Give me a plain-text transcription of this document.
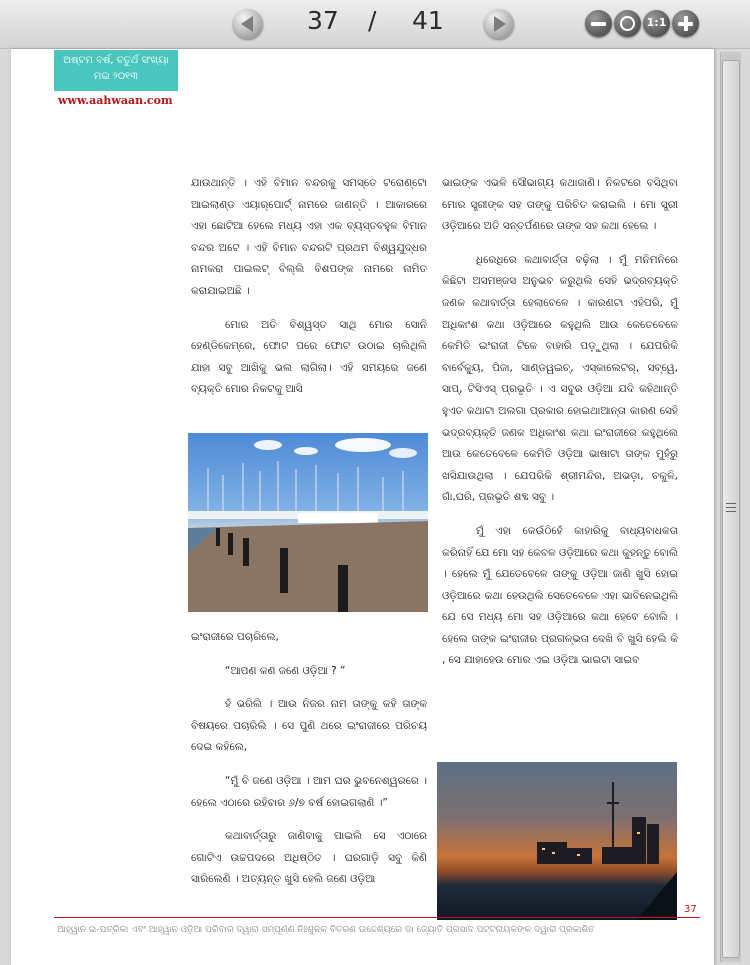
37 / 41	1:1
ଅଷ୍ଟମ ବର୍ଷ, ଚତୁର୍ଥ ସଂଖ୍ୟା
ମଇ ୨୦୧୩
www.aahwaan.com

ଯାଉଥାନ୍ତି । ଏହି ବିମାନ ବନ୍ଦରକୁ ସମସ୍ତେ ଟରୋଣ୍ଟୋ ଆଇଲାଣ୍ଡ ଏୟାର୍‌ପୋର୍ଟ୍ ନାମରେ ଜାଣନ୍ତି । ଆକାରରେ ଏହା ଛୋଟିଆ ହେଲେ ମଧ୍ୟ ଏହା ଏକ ବ୍ୟସ୍ତବହୁଳ ବିମାନ ବନ୍ଦର ଅଟେ । ଏହି ବିମାନ ବନ୍ଦରଟି ପ୍ରଥମ ବିଶ୍ୱଯୁଦ୍ଧର ନାମକରା ପାଇଲଟ୍ ବିଲ୍ଲି ବିଶପଙ୍କ ନାମରେ ନାମିତ କରାଯାଇଅଛି ।

ମୋର ଅତି ବିଶ୍ୱସ୍ତ ସାଥି ମୋର ସୋନି ହେଣ୍ଡିକେମ୍‌ରେ, ଫୋଟ ପରେ ଫୋଟ ଉଠାଇ ଚାଲିଥିଲି ଯାହା ସବୁ ଆଖିକୁ ଭଲ ଲାଗିଲା। ଏହି ସମୟରେ ଜଣେ ବ୍ୟକ୍ତି ମୋର ନିକଟକୁ ଆସି

ଇଂରାଜୀରେ ପଚାରିଲେ,

“ଆପଣ କଣ ଜଣେ ଓଡ଼ିଆ ? ”

ହଁ ଭରିଲି । ଆଉ ନିଜର ନାମ ତାଙ୍କୁ କହି ତାଙ୍କ ବିଷୟରେ ପଚାରିଲି । ସେ ପୁଣି ଥରେ ଇଂରାଜୀରେ ପରିଚୟ ଦେଇ କହିଲେ,

“ମୁଁ ବି ଜଣେ ଓଡ଼ିଆ । ଆମ ଘର ଭୁବନେଶ୍ୱରରେ । ହେଲେ ଏଠାରେ ରହିବାର ୬/୭ ବର୍ଷ ହୋଇଗଲାଣି ।”

କଥାବାର୍ତ୍ତାରୁ ଜାଣିବାକୁ ପାଇଲି ସେ ଏଠାରେ ଗୋଟିଏ ଉଚ୍ଚପଦରେ ଅଧିଷ୍ଠିତ । ଘରଗାଡ଼ି ସବୁ କିଣି ସାରିଲେଣି । ଅତ୍ୟନ୍ତ ଖୁସି ହେଲି ଜଣେ ଓଡ଼ିଆ

ଭାଇଙ୍କ ଏଭଳି ସୌଭାଗ୍ୟ କଥାଜାଣି। ନିକଟରେ ବସିଥିବା ମୋର ସ୍ତ୍ରୀଙ୍କ ସହ ତାଙ୍କୁ ପରିଚିତ କରାଇଲି । ମୋ ସ୍ତ୍ରୀ ଓଡ଼ିଆରେ ଅତି ସନ୍ତର୍ପଣରେ ତାଙ୍କ ସହ କଥା ହେଲେ ।

ଧିରେଧିରେ କଥାବାର୍ତ୍ତା ବଢ଼ିଲା । ମୁଁ ମନିମନିରେ କିଛିଟା ଅସମଞ୍ଜସ ଅନୁଭବ କରୁଥିଲି ସେହି ଭଦ୍ରବ୍ୟକ୍ତି ଜଣକ କଥାବାର୍ତ୍ତା ହେଲାବେଳେ । କାରଣଟା ଏହିପରି, ମୁଁ ଅଧିକାଂଶ କଥା ଓଡ଼ିଆରେ କହୁଥିଲି ଆଉ କେତେବେଳେ କେମିତି ଇଂରାଜୀ ଟିକେ ବାହାରି ପଡ଼ୁଥିଲା । ଯେପରିକି ବାର୍ବେକ୍ୟୁ, ପିଜା, ସାଣ୍ଡୱଇଚ୍, ଏସ୍କାଲେଟର୍, ସବ୍‌ୱେ, ସାପ୍, ଟିସିଏସ୍ ପ୍ରଭୃତି । ଏ ସବୁର ଓଡ଼ିଆ ଯଦି କହିଥାନ୍ତି ହୁଏତ କଥାଟା ଅଲଗା ପ୍ରକାର ହୋଇଥାଆନ୍ତା କାରଣ ସେହି ଭଦ୍ରବ୍ୟକ୍ତି ଜଣକ ଅଧିକାଂଶ କଥା ଇଂରାଜୀରେ କହୁଥିଲେ ଆଉ କେତେବେଳେ କେମିତି ଓଡ଼ିଆ ଭାଷାଟା ତାଙ୍କ ମୁହଁରୁ ଖସିଯାଉଥିଲା । ଯେପରିକି ଶ୍ରୀମନ୍ଦିର, ଅଭଡ଼ା, ଚକୁଳି, ଗାଁ,ଘରି, ପ୍ରଭୃତି ଶବ୍ଦ ସବୁ ।

ମୁଁ ଏହା କେଉଁଠିହେଁ କାହାରିକୁ ବାଧ୍ୟବାଧକତା କରିନାହିଁ ଯେ ମୋ ସହ କେବଳ ଓଡ଼ିଆରେ କଥା କୁହନ୍ତୁ ବୋଲି । ହେଲେ ମୁଁ ଯେତେବେଳେ ତାଙ୍କୁ ଓଡ଼ିଆ ଜାଣି ଖୁସି ହୋଇ ଓଡ଼ିଆରେ କଥା ହେଉଥିଲି ସେତେବେଳେ ଏହା ଭାବିନେଇଥିଲି ଯେ ସେ ମଧ୍ୟ ମୋ ସହ ଓଡ଼ିଆରେ କଥା ହେବେ ବୋଲି । ହେଲେ ତାଙ୍କ ଇଂରାଜୀର ପ୍ରଗଳ୍ଭତା ଦେଖି ବି ଖୁସି ହେଲି କି , ସେ ଯାହାହେଉ ମୋର ଏଇ ଓଡ଼ିଆ ଭାଇଟା ସାଇବ

37
ଆହ୍ୱାନ ଇ-ପତ୍ରିକା ଏବଂ ଆହ୍ୱାନ ଓଡ଼ିଆ ପରିବାର ଦ୍ୱାରା ସମ୍ପୂର୍ଣ୍ଣ ନିଃଶୁଳ୍କ ବିତରଣ ଉଦ୍ଦେଶ୍ୟରେ ଡା ଜ୍ୟୋତି ପ୍ରସାଦ ପଟ୍ଟନାୟକଙ୍କ ଦ୍ୱାରା ପ୍ରକାଶିତ
